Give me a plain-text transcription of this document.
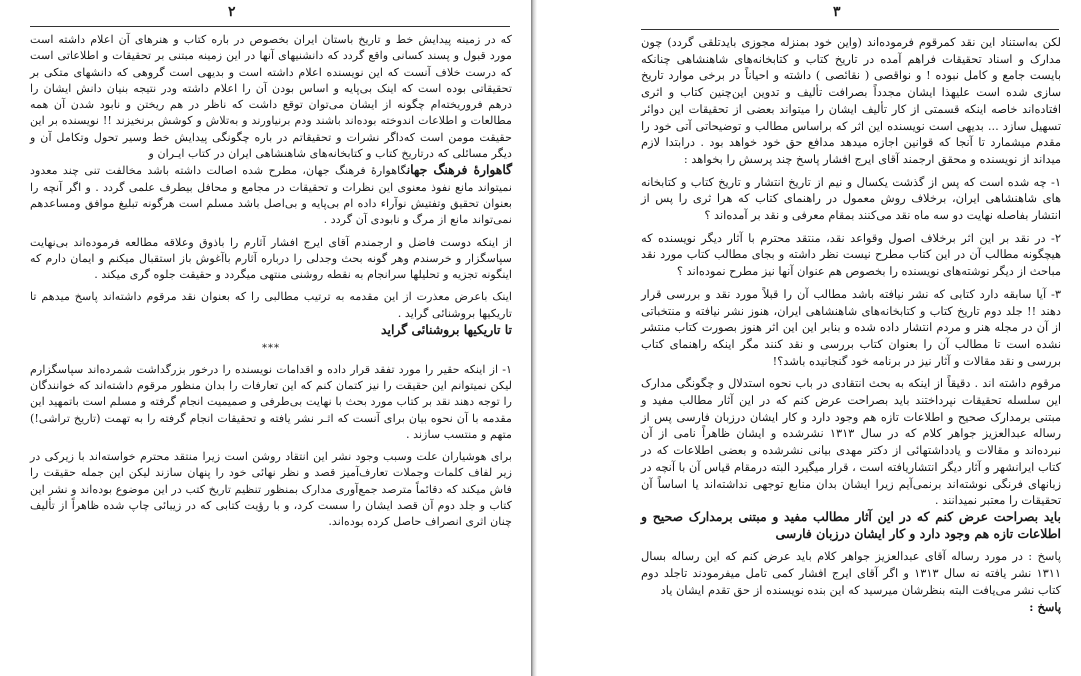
۲

که در زمینه پیدایش خط و تاریخ باستان ایران بخصوص در باره کتاب و هنرهای آن اعلام داشته است مورد قبول و پسند کسانی واقع گردد که دانشنیهای آنها در این زمینه مبتنی بر تحقیقات و اطلاعاتی است که درست خلاف آنست که این نویسنده اعلام داشته است و بدیهی است گروهی که دانشهای متکی بر تحقیقاتی بوده است که اینک بی‌پایه و اساس بودن آن را اعلام داشته ودر نتیجه بنیان دانش ایشان را درهم فروریخته‌ام چگونه از ایشان می‌توان توقع داشت که ناظر در هم ریختن و نابود شدن آن همه مطالعات و اطلاعات اندوخته بوده‌اند باشند ودم برنیاورند و به‌تلاش و کوشش برنخیزند !! نویسنده بر این حقیقت مومن است که‌داگر نشرات و تحقیقاتم در باره چگونگی پیدایش خط وسیر تحول وتکامل آن و دیگر مسائلی که درتاریخ کتاب و کتابخانه‌های شاهنشاهی ایران در کتاب ایـران و

گاهوارهٔ فرهنگ جهانگاهوارهٔ فرهنگ جهان، مطرح شده اصالت داشته باشد مخالفت تنی چند معدود نمیتواند مانع نفوذ معنوی این نظرات و تحقیقات در مجامع و محافل بیطرف علمی گردد . و اگر آنچه را بعنوان تحقیق وتفتیش نوآراء داده ام بی‌پایه و بی‌اصل باشد مسلم است هرگونه تبلیغ موافق ومساعدهم نمی‌تواند مانع از مرگ و نابودی آن گردد .

از اینکه دوست فاضل و ارجمندم آقای ایرج افشار آثارم را باذوق وعلاقه مطالعه فرموده‌اند بی‌نهایت سپاسگزار و خرسندم وهر گونه بحث وجدلی را درباره آثارم با‌آغوش باز استقبال میکنم و ایمان دارم که اینگونه تجزیه و تحلیلها سرانجام به نقطه روشنی منتهی میگردد و حقیقت جلوه گری میکند .

اینک باعرض معذرت از این مقدمه به ترتیب مطالبی را که بعنوان نقد مرقوم داشته‌اند پاسخ میدهم تا تاریکیها بروشنائی گراید .

تا تاریکیها بروشنائی گراید

***

۱- از اینکه حقیر را مورد تفقد قرار داده و اقدامات نویسنده را درخور بزرگداشت شمرده‌اند سپاسگزارم لیکن نمیتوانم این حقیقت را نیز کتمان کنم که این تعارفات را بدان منظور مرقوم داشته‌اند که خوانندگان را توجه دهند نقد بر کتاب مورد بحث با نهایت بی‌طرفی و صمیمیت انجام گرفته و مسلم است با‌تمهید این مقدمه با آن نحوه بیان برای آنست که اثـر نشر یافته و تحقیقات انجام گرفته را به تهمت (تاریخ تراشی!) متهم و منتسب سازند .

برای هوشیاران علت وسبب وجود نشر این انتقاد روشن است زیرا منتقد محترم خواسته‌اند با زیرکی در زیر لفاف کلمات وجملات تعارف‌آمیز قصد و نظر نهائی خود را پنهان سازند لیکن این جمله حقیقت را فاش میکند که دقائماً مترصد جمع‌آوری مدارک بمنظور تنظیم تاریخ کتب در این موضوع بوده‌اند و نشر این کتاب و جلد دوم آن قصد ایشان را سست کرد، و با رؤیت کتابی که در زیبائی چاپ شده ظاهراً از تألیف چنان اثری انصراف حاصل کرده بوده‌اند.

۳

لکن به‌استناد این نقد کمرقوم فرموده‌اند (واین خود بمنزله مجوزی بایدتلقی گردد) چون مدارک و اسناد تحقیقات فراهم آمده در تاریخ کتاب و کتابخانه‌های شاهنشاهی چنانکه بایست جامع و کامل نبوده ! و نواقصی ( نقائصی ) داشته و احیاناً در برخی موارد تاریخ سازی شده است علیهذا ایشان مجدداً بصرافت تألیف و تدوین این‌چنین کتاب و اثری افتاده‌اند خاصه اینکه قسمتی از کار تألیف ایشان را میتواند بعضی از تحقیقات این دوائر تسهیل سازد ... بدیهی است نویسنده این اثر که براساس مطالب و توضیحاتی آتی خود را مقدم میشمارد تا آنجا که قوانین اجازه میدهد مدافع حق خود خواهد بود . درابتدا لازم میداند از نویسنده و محقق ارجمند آقای ایرج افشار پاسخ چند پرسش را بخواهد :

۱- چه شده است که پس از گذشت یکسال و نیم از تاریخ انتشار و تاریخ کتاب و کتابخانه های شاهنشاهی ایران، برخلاف روش معمول در راهنمای کتاب که هرا ثری را پس از انتشار بفاصله نهایت دو سه ماه نقد می‌کنند بمقام معرفی و نقد بر آمده‌اند ؟

۲- در نقد بر این اثر برخلاف اصول وقواعد نقد، منتقد محترم با آثار دیگر نویسنده که هیچگونه مطالب آن در این کتاب مطرح نیست نظر داشته و بجای مطالب کتاب مورد نقد مباحث از دیگر نوشته‌های نویسنده را بخصوص هم عنوان آنها نیز مطرح نموده‌اند ؟

۳- آیا سابقه دارد کتابی که نشر نیافته باشد مطالب آن را قبلاً مورد نقد و بررسی قرار دهند !! جلد دوم تاریخ کتاب و کتابخانه‌های شاهنشاهی ایران، هنوز نشر نیافته و منتخباتی از آن در مجله هنر و مردم انتشار داده شده و بنابر این این اثر هنوز بصورت کتاب منتشر نشده است تا مطالب آن را بعنوان کتاب بررسی و نقد کنند مگر اینکه راهنمای کتاب بررسی و نقد مقالات و آثار نیز در برنامه خود گنجانیده باشد؟!

مرقوم داشته اند . دقیقاً از اینکه به بحث انتقادی در باب نحوه استدلال و چگونگی مدارک این سلسله تحقیقات نپرداختند باید بصراحت عرض کنم که در این آثار مطالب مفید و مبتنی برمدارک صحیح و اطلاعات تازه‌ هم وجود دارد و کار ایشان درزبان فارسی پس از رساله عبدالعزیز جواهر کلام که در سال ۱۳۱۳ نشرشده و ایشان ظاهراً نامی از آن نبرده‌اند و مقالات و یادداشتهائی از دکتر مهدی بیانی نشرشده و بعضی اطلاعات که در کتاب ایرانشهر و آثار دیگر انتشاریافته است ، قرار میگیرد البته درمقام قیاس آن با آنچه در زبانهای فرنگی نوشته‌اند برنمی‌آیم زیرا ایشان بدان منابع توجهی نداشته‌اند یا اساساً آن تحقیقات را معتبر نمیدانند .

باید بصراحت عرض کنم که در این آثار مطالب مفید و مبتنی برمدارک صحیح و اطلاعات تازه‌ هم وجود دارد و کار ایشان درزبان فارسی

پاسخ : در مورد رساله آقای عبدالعزیز جواهر کلام باید عرض کنم که این رساله بسال ۱۳۱۱ نشر یافته نه سال ۱۳۱۳ و اگر آقای ایرج افشار کمی تامل میفرمودند تاجلد دوم کتاب نشر می‌یافت البته بنظرشان میرسید که این بنده نویسنده از حق تقدم ایشان یاد

پاسخ :
